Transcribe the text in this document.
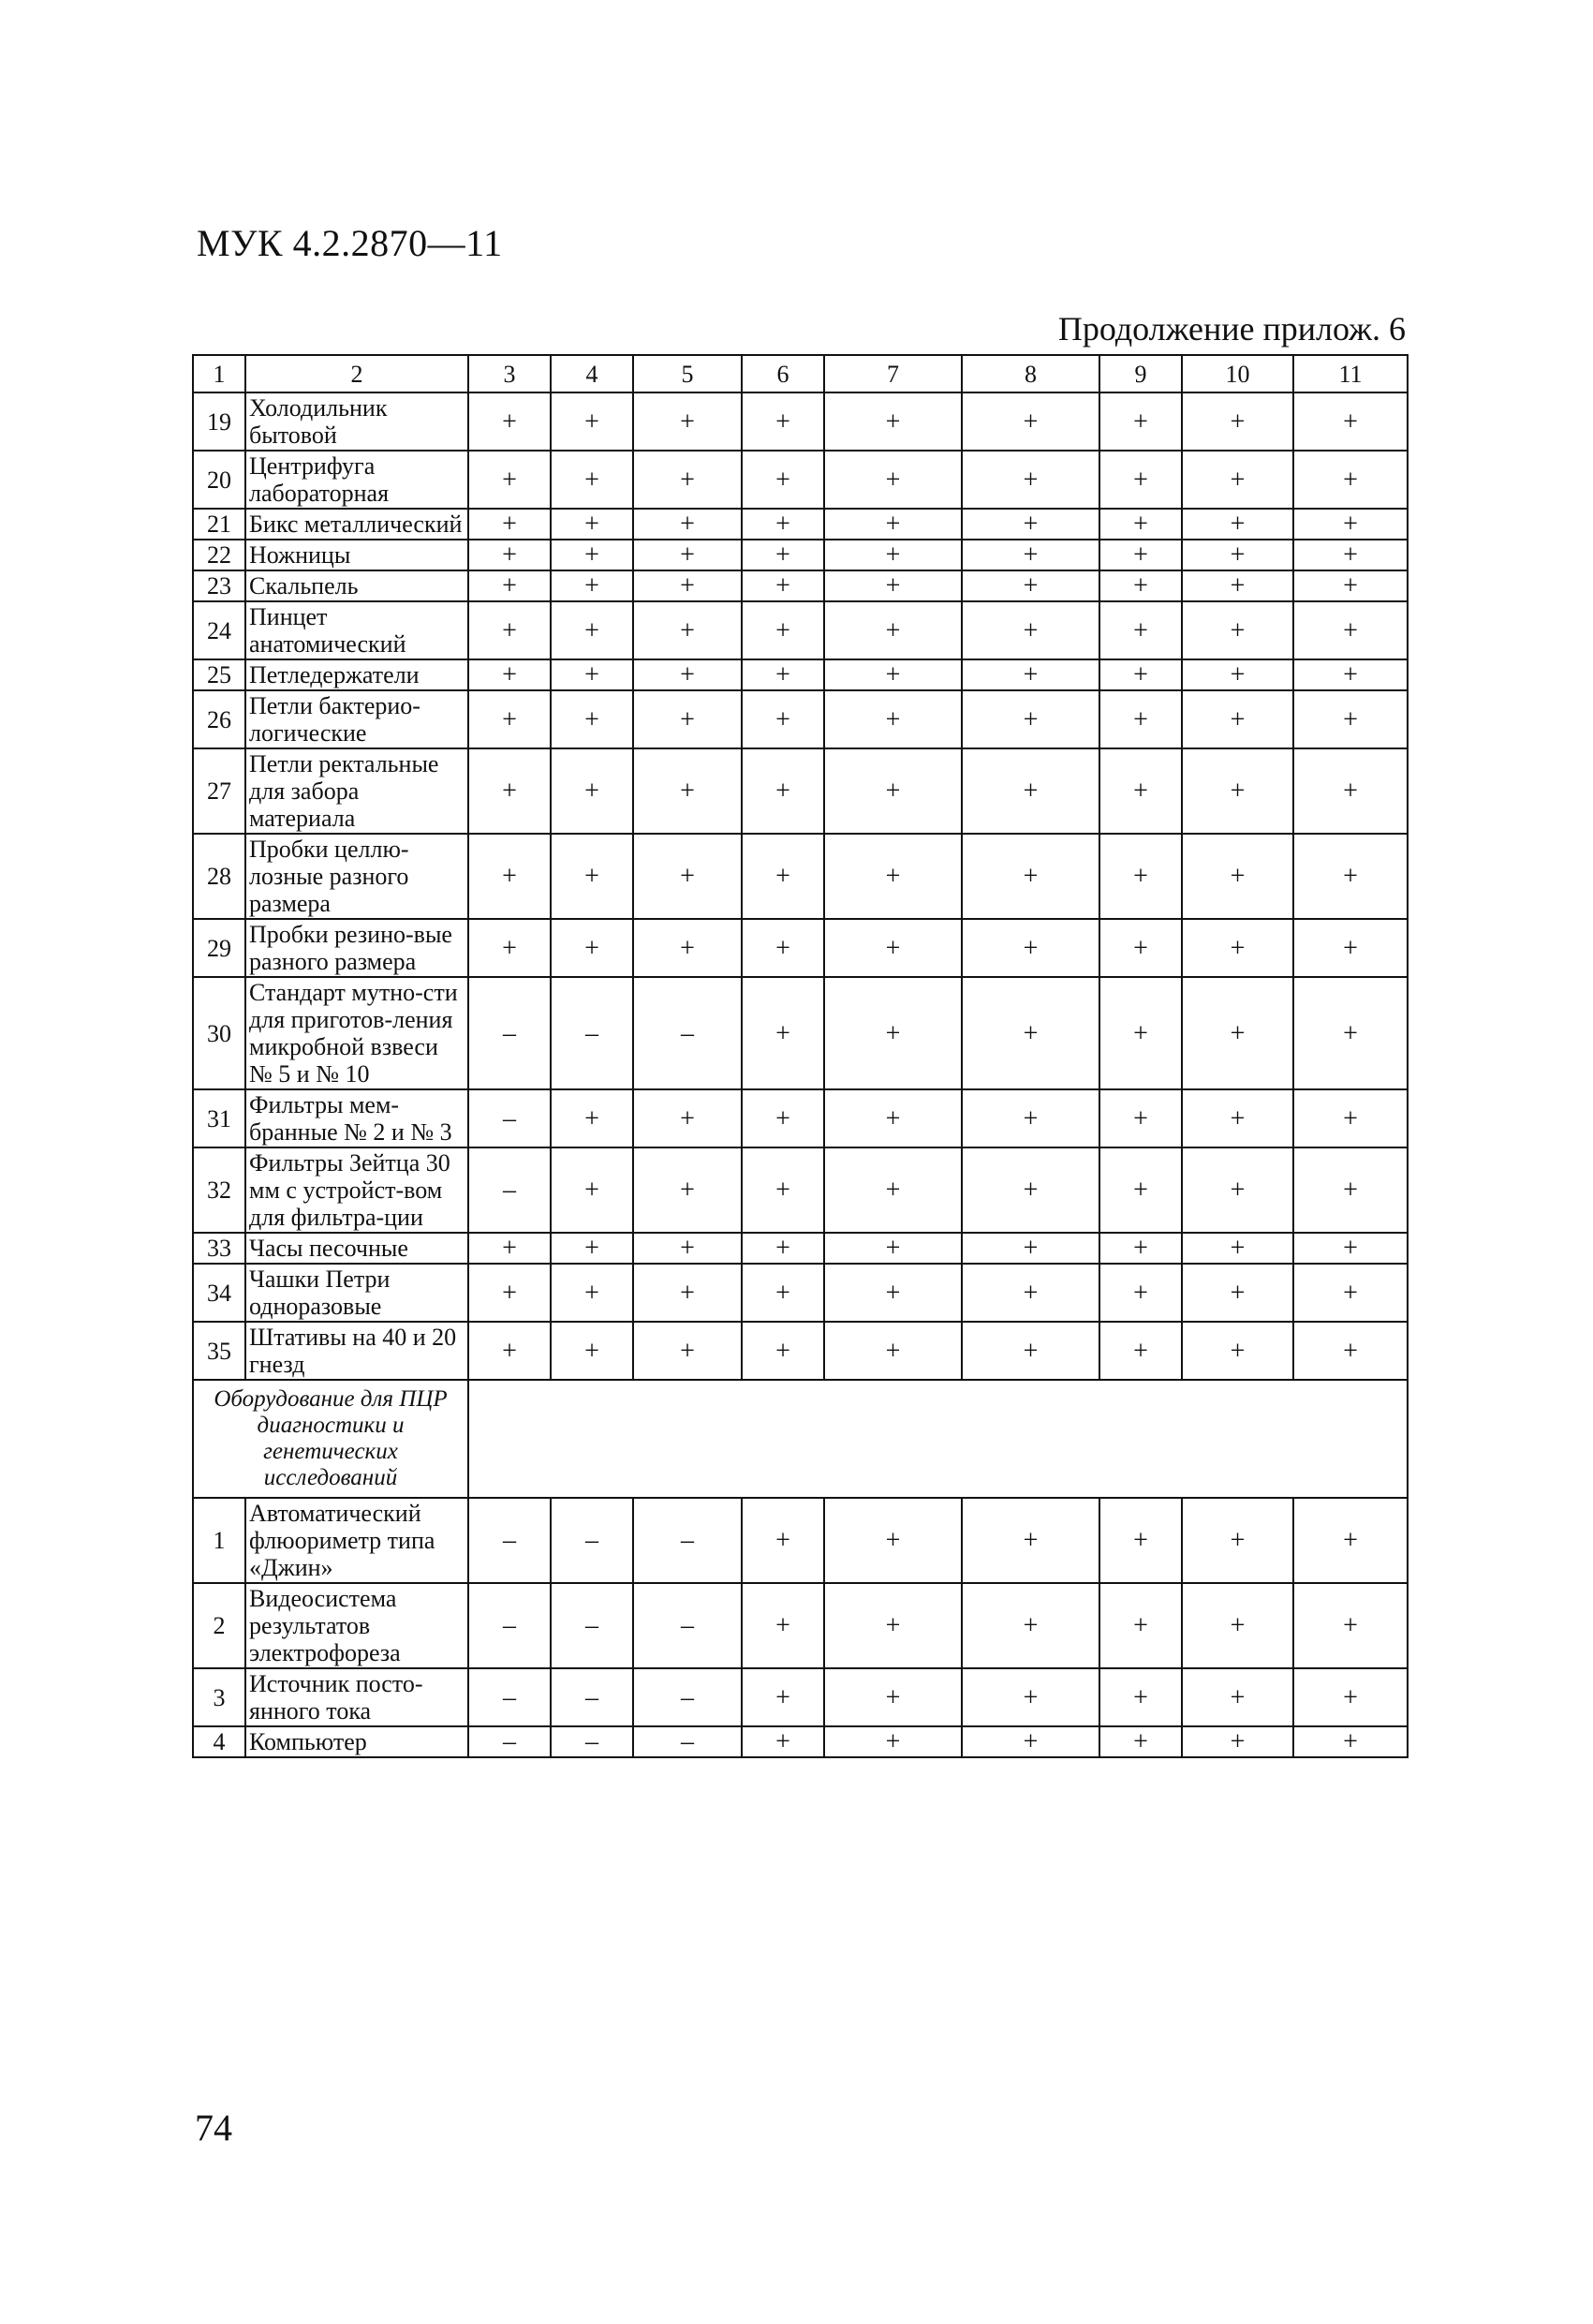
МУК 4.2.2870—11
Продолжение прилож. 6
1	2	3	4	5	6	7	8	9	10	11
19	Холодильник бытовой	+	+	+	+	+	+	+	+	+
20	Центрифуга лабораторная	+	+	+	+	+	+	+	+	+
21	Бикс металлический	+	+	+	+	+	+	+	+	+
22	Ножницы	+	+	+	+	+	+	+	+	+
23	Скальпель	+	+	+	+	+	+	+	+	+
24	Пинцет анатомический	+	+	+	+	+	+	+	+	+
25	Петледержатели	+	+	+	+	+	+	+	+	+
26	Петли бактерио-логические	+	+	+	+	+	+	+	+	+
27	Петли ректальные для забора материала	+	+	+	+	+	+	+	+	+
28	Пробки целлю-лозные разного размера	+	+	+	+	+	+	+	+	+
29	Пробки резино-вые разного размера	+	+	+	+	+	+	+	+	+
30	Стандарт мутно-сти для приготов-ления микробной взвеси № 5 и № 10	–	–	–	+	+	+	+	+	+
31	Фильтры мем-бранные № 2 и № 3	–	+	+	+	+	+	+	+	+
32	Фильтры Зейтца 30 мм с устройст-вом для фильтра-ции	–	+	+	+	+	+	+	+	+
33	Часы песочные	+	+	+	+	+	+	+	+	+
34	Чашки Петри одноразовые	+	+	+	+	+	+	+	+	+
35	Штативы на 40 и 20 гнезд	+	+	+	+	+	+	+	+	+
Оборудование для ПЦР диагностики и генетических исследований										
1	Автоматический флюориметр типа «Джин»	–	–	–	+	+	+	+	+	+
2	Видеосистема результатов электрофореза	–	–	–	+	+	+	+	+	+
3	Источник посто-янного тока	–	–	–	+	+	+	+	+	+
4	Компьютер	–	–	–	+	+	+	+	+	+
74
